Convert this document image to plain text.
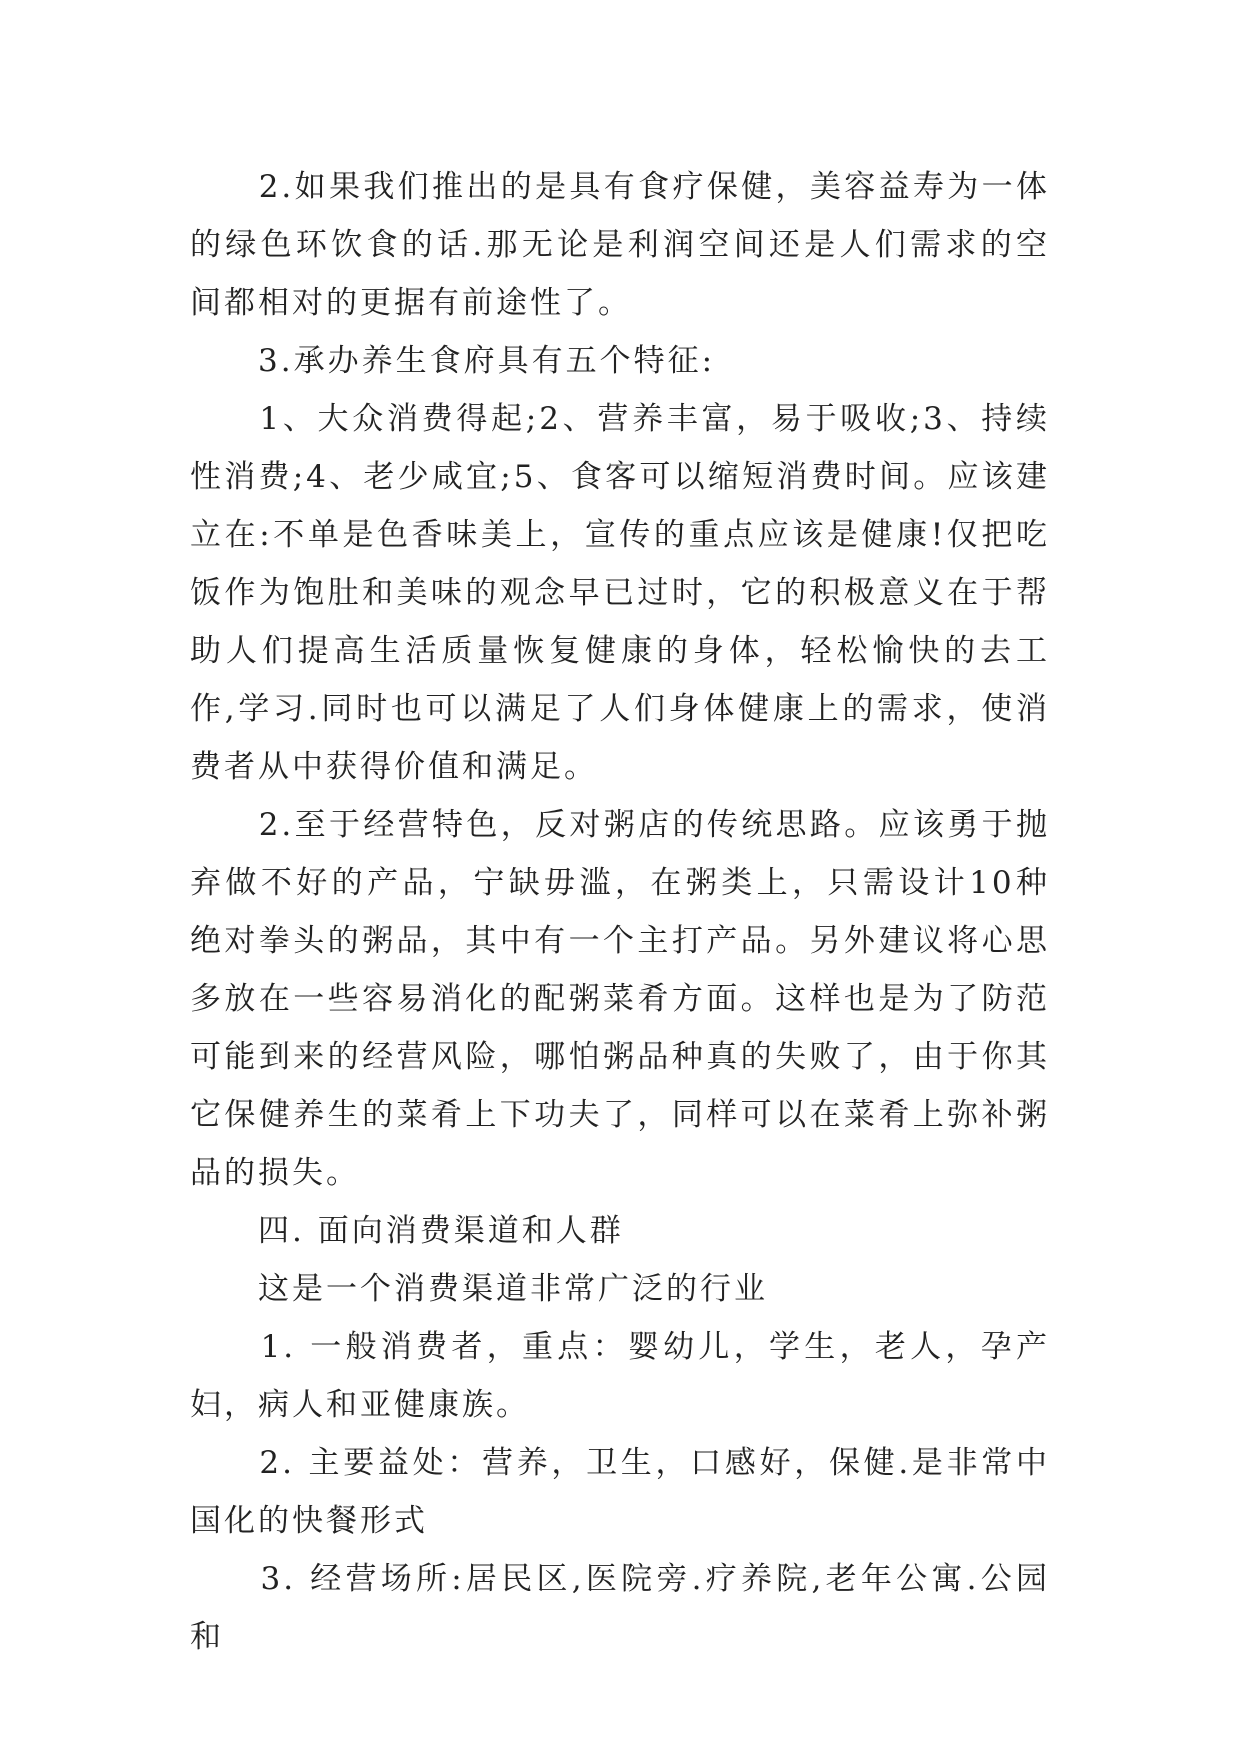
　　2.如果我们推出的是具有食疗保健，美容益寿为一体的绿色环饮食的话.那无论是利润空间还是人们需求的空间都相对的更据有前途性了。

　　3.承办养生食府具有五个特征:

　　1、大众消费得起;2、营养丰富，易于吸收;3、持续性消费;4、老少咸宜;5、食客可以缩短消费时间。应该建立在:不单是色香味美上，宣传的重点应该是健康!仅把吃饭作为饱肚和美味的观念早已过时，它的积极意义在于帮助人们提高生活质量恢复健康的身体，轻松愉快的去工作,学习.同时也可以满足了人们身体健康上的需求，使消费者从中获得价值和满足。

　　2.至于经营特色，反对粥店的传统思路。应该勇于抛弃做不好的产品，宁缺毋滥，在粥类上，只需设计10种绝对拳头的粥品，其中有一个主打产品。另外建议将心思多放在一些容易消化的配粥菜肴方面。这样也是为了防范可能到来的经营风险，哪怕粥品种真的失败了，由于你其它保健养生的菜肴上下功夫了，同样可以在菜肴上弥补粥品的损失。

　　四. 面向消费渠道和人群

　　这是一个消费渠道非常广泛的行业

　　1. 一般消费者，重点：婴幼儿，学生，老人，孕产妇，病人和亚健康族。

　　2. 主要益处：营养，卫生，口感好，保健.是非常中国化的快餐形式

　　3. 经营场所:居民区,医院旁.疗养院,老年公寓.公园和
